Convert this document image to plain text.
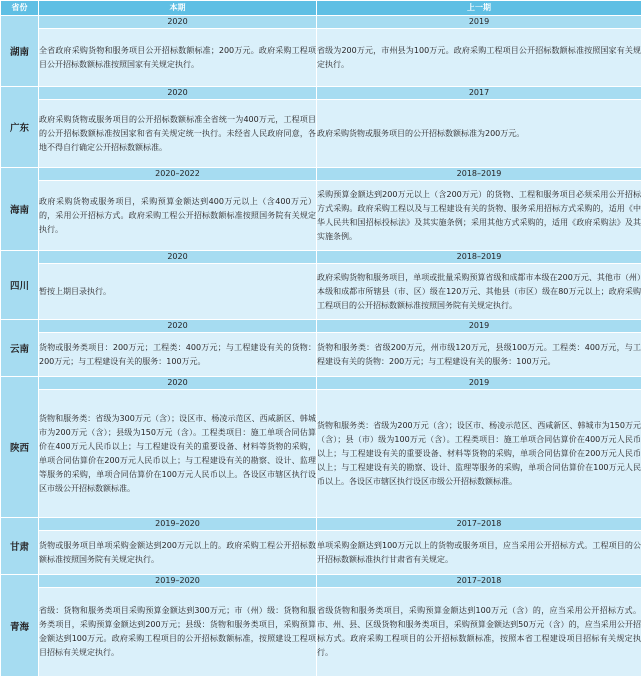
省份	本期	上一期
湖南	2020	2019
	全省政府采购货物和服务项目公开招标数额标准；200万元。政府采购工程项目公开招标数额标准按照国家有关规定执行。	省级为200万元，市州县为100万元。政府采购工程项目公开招标数额标准按照国家有关规定执行。
广东	2020	2017
	政府采购货物或服务项目的公开招标数额标准全省统一为400万元，工程项目的公开招标数额标准按国家和省有关规定统一执行。未经省人民政府同意，各地不得自行确定公开招标数额标准。	政府采购货物或服务项目的公开招标数额标准为200万元。
海南	2020–2022	2018–2019
	政府采购货物或服务项目，采购预算金额达到400万元以上（含400万元）的，采用公开招标方式。政府采购工程公开招标数额标准按照国务院有关规定执行。	采购预算金额达到200万元以上（含200万元）的货物、工程和服务项目必须采用公开招标方式采购。政府采购工程以及与工程建设有关的货物、服务采用招标方式采购的，适用《中华人民共和国招标投标法》及其实施条例；采用其他方式采购的，适用《政府采购法》及其实施条例。
四川	2020	2018–2019
	暂按上期目录执行。	政府采购货物和服务项目，单项或批量采购预算省级和成都市本级在200万元、其他市（州）本级和成都市所辖县（市、区）级在120万元、其他县（市区）级在80万元以上；政府采购工程项目的公开招标数额标准按照国务院有关规定执行。
云南	2020	2019
	货物或服务类项目：200万元；工程类：400万元；与工程建设有关的货物：200万元；与工程建设有关的服务：100万元。	货物和服务类：省级200万元，州市级120万元，县级100万元。工程类：400万元，与工程建设有关的货物：200万元；与工程建设有关的服务：100万元。
陕西	2020	2019
	货物和服务类：省级为300万元（含）；设区市、杨凌示范区、西咸新区、韩城市为200万元（含）；县级为150万元（含）。工程类项目：施工单项合同估算价在400万元人民币以上；与工程建设有关的重要设备、材料等货物的采购，单项合同估算价在200万元人民币以上；与工程建设有关的勘察、设计、监理等服务的采购，单项合同估算价在100万元人民币以上。各设区市辖区执行设区市级公开招标数额标准。	货物和服务类：省级为200万元（含）；设区市、杨凌示范区、西咸新区、韩城市为150万元（含）；县（市）级为100万元（含）。工程类项目：施工单项合同估算价在400万元人民币以上；与工程建设有关的重要设备、材料等货物的采购，单项合同估算价在200万元人民币以上；与工程建设有关的勘察、设计、监理等服务的采购，单项合同估算价在100万元人民币以上。各设区市辖区执行设区市级公开招标数额标准。
甘肃	2019–2020	2017–2018
	货物或服务项目单项采购金额达到200万元以上的。政府采购工程公开招标数额标准按照国务院有关规定执行。	单项采购金额达到100万元以上的货物或服务项目，应当采用公开招标方式。工程项目的公开招标数额标准执行甘肃省有关规定。
青海	2019–2020	2017–2018
	省级：货物和服务类项目采购预算金额达到300万元；市（州）级：货物和服务类项目，采购预算金额达到200万元；县级：货物和服务类项目，采购预算金额达到100万元。政府采购工程项目的公开招标数额标准，按照建设工程项目招标有关规定执行。	省级货物和服务类项目，采购预算金额达到100万元（含）的，应当采用公开招标方式。市、州、县、区级货物和服务类项目，采购预算金额达到50万元（含）的，应当采用公开招标方式。政府采购工程项目的公开招标数额标准，按照本省工程建设项目招标有关规定执行。
